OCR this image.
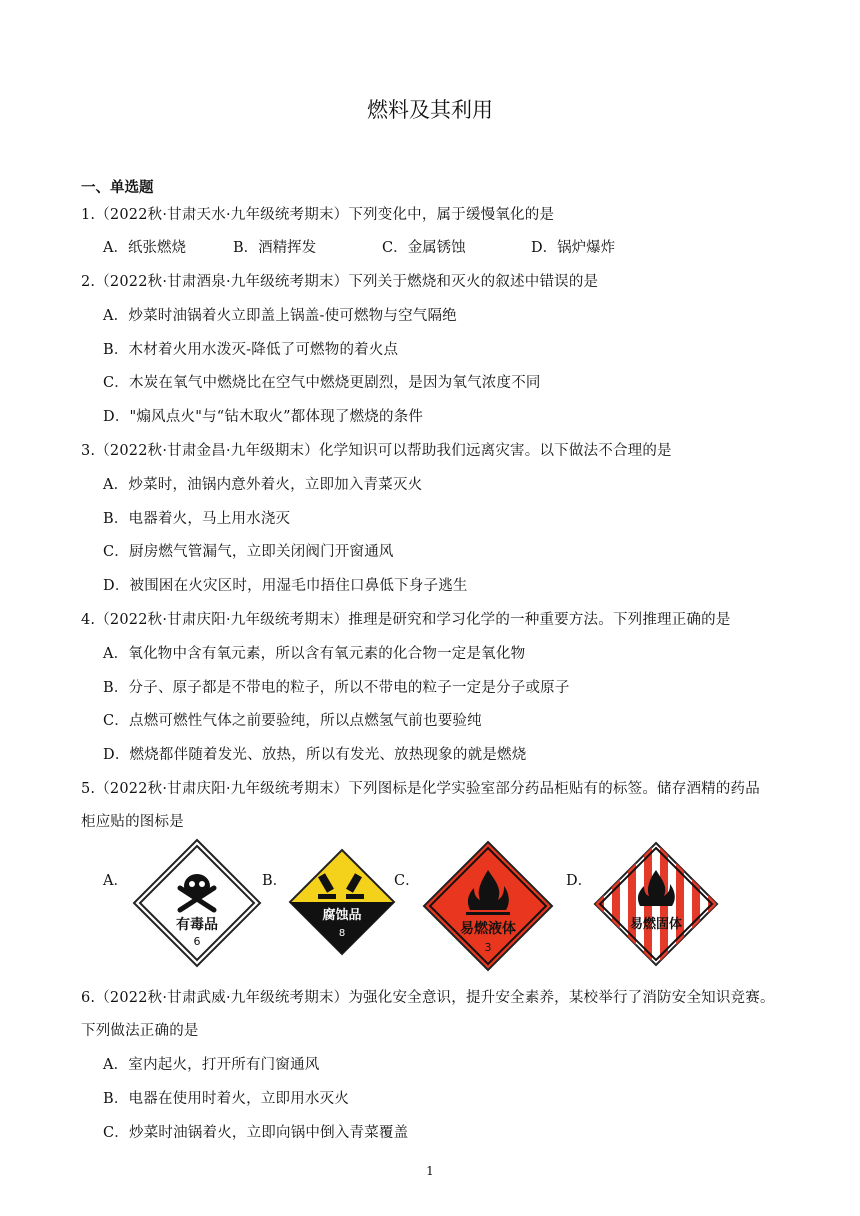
燃料及其利用
一、单选题
1.（2022秋·甘肃天水·九年级统考期末）下列变化中，属于缓慢氧化的是
A．纸张燃烧	B．酒精挥发	C．金属锈蚀	D．锅炉爆炸
2.（2022秋·甘肃酒泉·九年级统考期末）下列关于燃烧和灭火的叙述中错误的是
A．炒菜时油锅着火立即盖上锅盖-使可燃物与空气隔绝
B．木材着火用水泼灭-降低了可燃物的着火点
C．木炭在氧气中燃烧比在空气中燃烧更剧烈，是因为氧气浓度不同
D．"煽风点火"与“钻木取火”都体现了燃烧的条件
3.（2022秋·甘肃金昌·九年级期末）化学知识可以帮助我们远离灾害。以下做法不合理的是
A．炒菜时，油锅内意外着火，立即加入青菜灭火
B．电器着火，马上用水浇灭
C．厨房燃气管漏气，立即关闭阀门开窗通风
D．被围困在火灾区时，用湿毛巾捂住口鼻低下身子逃生
4.（2022秋·甘肃庆阳·九年级统考期末）推理是研究和学习化学的一种重要方法。下列推理正确的是
A．氧化物中含有氧元素，所以含有氧元素的化合物一定是氧化物
B．分子、原子都是不带电的粒子，所以不带电的粒子一定是分子或原子
C．点燃可燃性气体之前要验纯，所以点燃氢气前也要验纯
D．燃烧都伴随着发光、放热，所以有发光、放热现象的就是燃烧
5.（2022秋·甘肃庆阳·九年级统考期末）下列图标是化学实验室部分药品柜贴有的标签。储存酒精的药品
柜应贴的图标是
A．	B．	C．	D．
有毒品
6
腐蚀品
8	易燃液体
3
易燃固体
4
6.（2022秋·甘肃武威·九年级统考期末）为强化安全意识，提升安全素养，某校举行了消防安全知识竞赛。
下列做法正确的是
A．室内起火，打开所有门窗通风
B．电器在使用时着火，立即用水灭火
C．炒菜时油锅着火，立即向锅中倒入青菜覆盖
1
